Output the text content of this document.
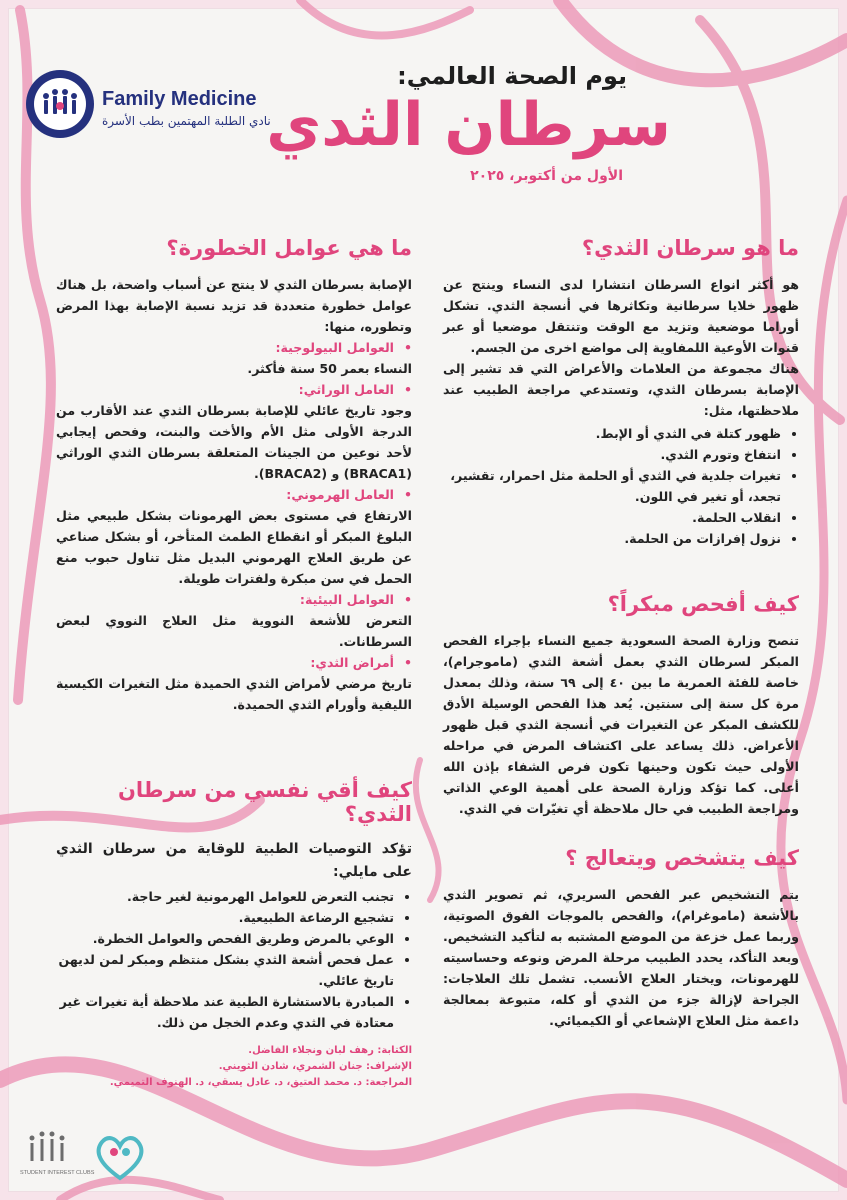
Family Medicine
نادي الطلبة المهتمين بطب الأسرة
يوم الصحة العالمي:
سرطان الثدي
الأول من أكتوبر، ٢٠٢٥
ما هو سرطان الثدي؟

هو أكثر انواع السرطان انتشارا لدى النساء وينتج عن ظهور خلايا سرطانية وتكاثرها في أنسجة الثدي. تشكل أوراما موضعية وتزيد مع الوقت وتنتقل موضعيا أو عبر قنوات الأوعية اللمفاوية إلى مواضع اخرى من الجسم.

هناك مجموعة من العلامات والأعراض التي قد تشير إلى الإصابة بسرطان الثدي، وتستدعي مراجعة الطبيب عند ملاحظتها، مثل:

• ظهور كتلة في الثدي أو الإبط.
• انتفاخ وتورم الثدي.
• تغيرات جلدية في الثدي أو الحلمة مثل احمرار، تقشير، تجعد، أو تغير في اللون.
• انقلاب الحلمة.
• نزول إفرازات من الحلمة.
كيف أفحص مبكراً؟

تنصح وزارة الصحة السعودية جميع النساء بإجراء الفحص المبكر لسرطان الثدي بعمل أشعة الثدي (ماموجرام)، خاصة للفئة العمرية ما بين ٤٠ إلى ٦٩ سنة، وذلك بمعدل مرة كل سنة إلى سنتين. يُعد هذا الفحص الوسيلة الأدق للكشف المبكر عن التغيرات في أنسجة الثدي قبل ظهور الأعراض. ذلك يساعد على اكتشاف المرض في مراحله الأولى حيث تكون وحينها تكون فرص الشفاء بإذن الله أعلى. كما تؤكد وزارة الصحة على أهمية الوعي الذاتي ومراجعة الطبيب في حال ملاحظة أي تغيّرات في الثدي.

كيف يتشخص ويتعالج ؟

يتم التشخيص عبر الفحص السريري، ثم تصوير الثدي بالأشعة (ماموغرام)، والفحص بالموجات الفوق الصوتية، وربما عمل خزعة من الموضع المشتبه به لتأكيد التشخيص. وبعد التأكد، يحدد الطبيب مرحلة المرض ونوعه وحساسيته للهرمونات، ويختار العلاج الأنسب. تشمل تلك العلاجات: الجراحة لإزالة جزء من الثدي أو كله، متبوعة بمعالجة داعمة مثل العلاج الإشعاعي أو الكيميائي.

ما هي عوامل الخطورة؟

الإصابة بسرطان الثدي لا ينتج عن أسباب واضحة، بل هناك عوامل خطورة متعددة قد تزيد نسبة الإصابة بهذا المرض وتطوره، منها:

• العوامل البيولوجية:

النساء بعمر 50 سنة فأكثر.

• العامل الوراثي:

وجود تاريخ عائلي للإصابة بسرطان الثدي عند الأقارب من الدرجة الأولى مثل الأم والأخت والبنت، وفحص إيجابي لأحد نوعين من الجينات المتعلقة بسرطان الثدي الوراثي (BRACA1) و (BRACA2).

• العامل الهرموني:

الارتفاع في مستوى بعض الهرمونات بشكل طبيعي مثل البلوغ المبكر أو انقطاع الطمث المتأخر، أو بشكل صناعي عن طريق العلاج الهرموني البديل مثل تناول حبوب منع الحمل في سن مبكرة ولفترات طويلة.

• العوامل البيئية:

التعرض للأشعة النووية مثل العلاج النووي لبعض السرطانات.

• أمراض الثدي:

تاريخ مرضي لأمراض الثدي الحميدة مثل التغيرات الكيسية الليفية وأورام الثدي الحميدة.

كيف أقي نفسي من سرطان الثدي؟

تؤكد التوصيات الطبية للوقاية من سرطان الثدي على مايلي:

• تجنب التعرض للعوامل الهرمونية لغير حاجة.
• تشجيع الرضاعة الطبيعية.
• الوعي بالمرض وطريق الفحص والعوامل الخطرة.
• عمل فحص أشعة الثدي بشكل منتظم ومبكر لمن لديهن تاريخ عائلي.
• المبادرة بالاستشارة الطبية عند ملاحظة أية تغيرات غير معتادة في الثدي وعدم الخجل من ذلك.
الكتابة: رهف لبان ونجلاء الفاضل.
الإشراف: جنان الشمري، شادن الثويني.
المراجعة: د. محمد العتيق، د. عادل يسقي، د. الهنوف التميمي.
STUDENT INTEREST CLUBS
